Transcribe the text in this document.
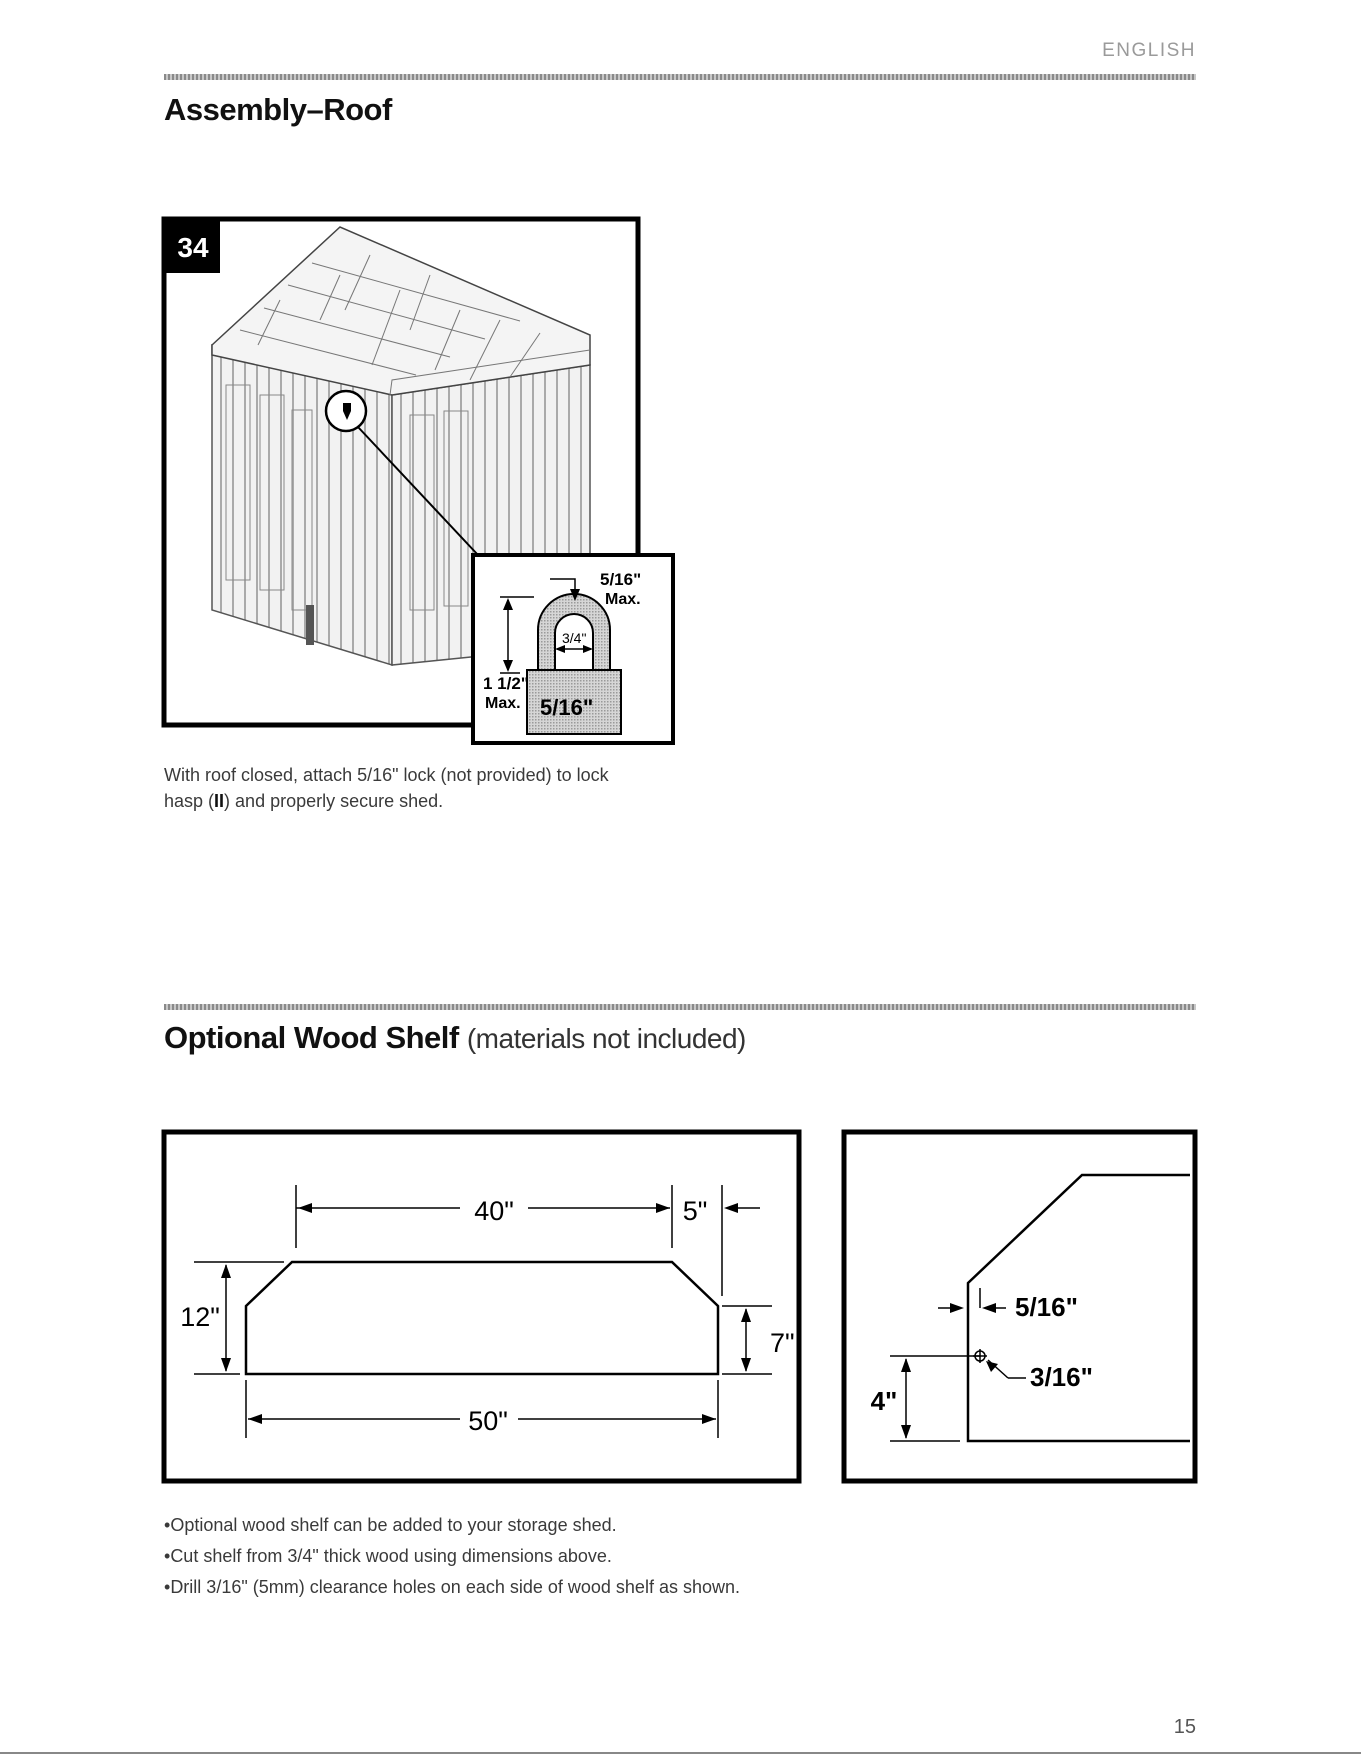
ENGLISH
Assembly–Roof
34
5/16"
Max.
3/4"
1 1/2"
Max. 5/16"
With roof closed, attach 5/16" lock (not provided) to lock
hasp (II) and properly secure shed.
Optional Wood Shelf (materials not included)
40"	5"
12"
7"
50"
5/16"
3/16"
4"
• Optional wood shelf can be added to your storage shed.
• Cut shelf from 3/4" thick wood using dimensions above.
• Drill 3/16" (5mm) clearance holes on each side of wood shelf as shown.
15
